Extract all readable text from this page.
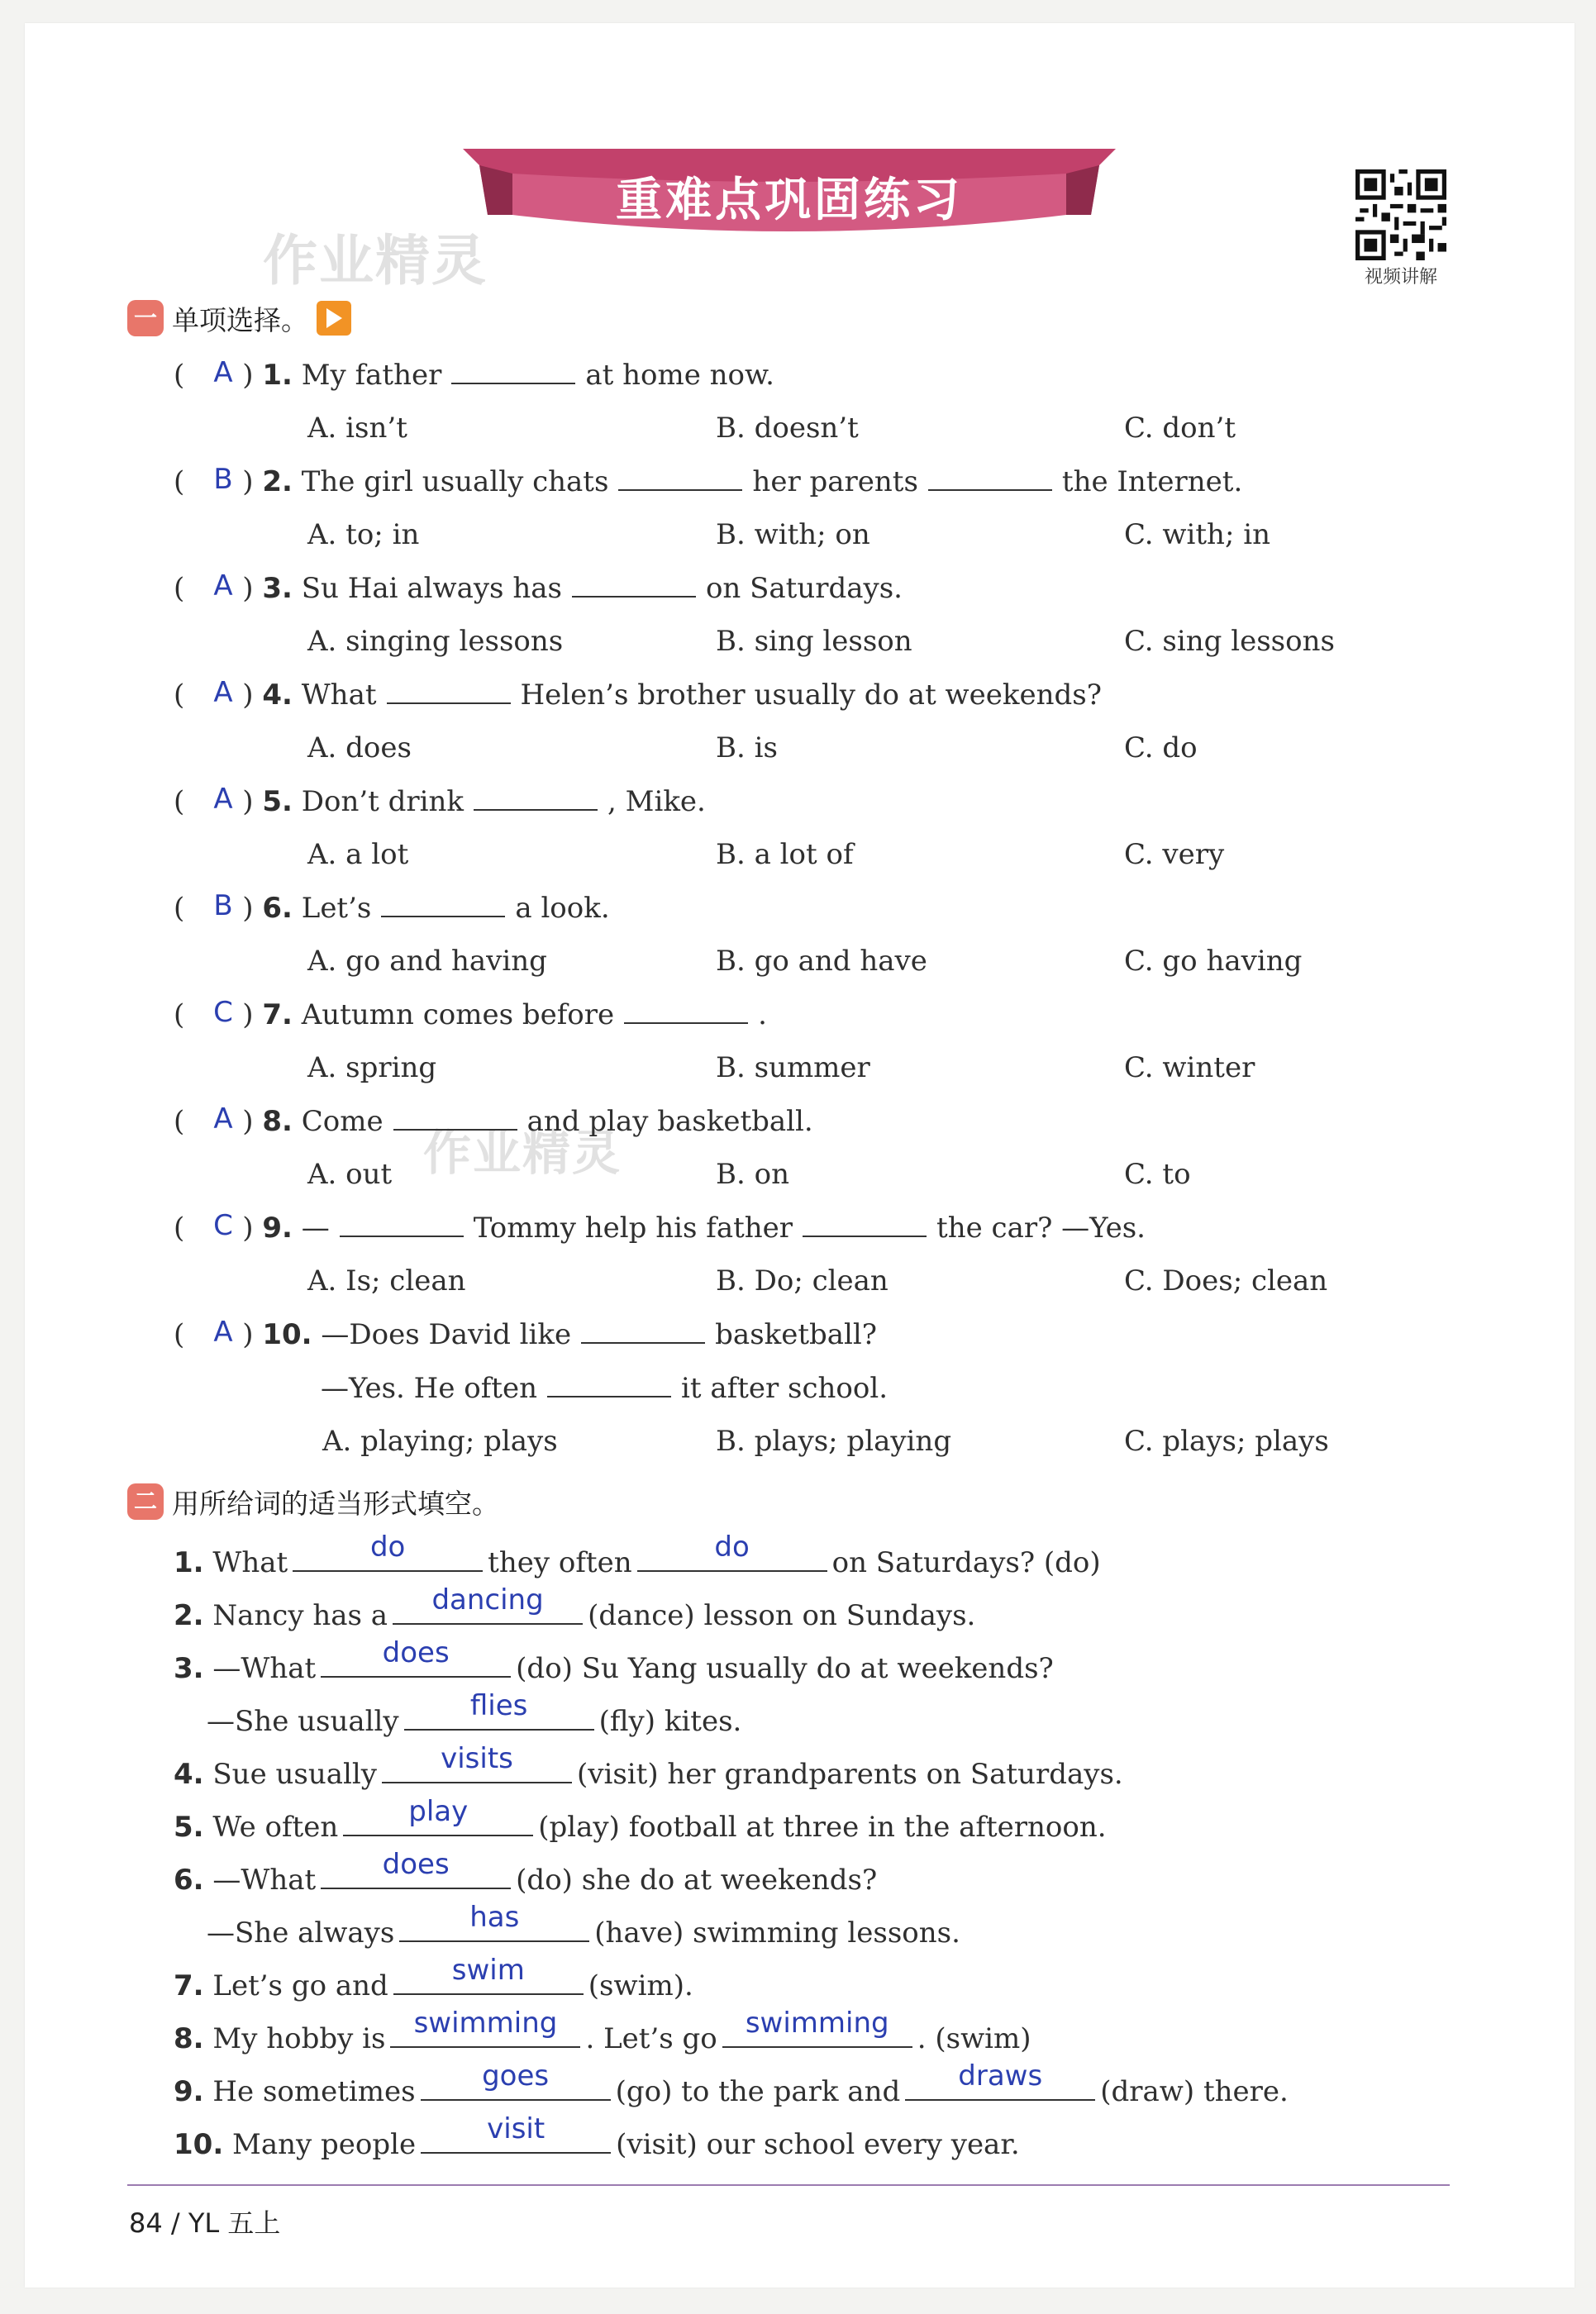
重难点巩固练习
视频讲解
作业精灵
作业精灵
一 单项选择。
( ) 1. My father	at home now.
A
A. isn’t	B. doesn’t	C. don’t
( ) 2. The girl usually chats	her parents	the Internet.
B
A. to; in	B. with; on	C. with; in
( ) 3. Su Hai always has	on Saturdays.
A
A. singing lessons	B. sing lesson	C. sing lessons
( ) 4. What	Helen’s brother usually do at weekends?
A
A. does	B. is	C. do
( ) 5. Don’t drink	, Mike.
A
A. a lot	B. a lot of	C. very
( ) 6. Let’s	a look.
B
A. go and having	B. go and have	C. go having
( ) 7. Autumn comes before	.
C
A. spring	B. summer	C. winter
( ) 8. Come	and play basketball.
A
A. out	B. on	C. to
( ) 9. —	Tommy help his father	the car? —Yes.
C
A. Is; clean	B. Do; clean	C. Does; clean
( ) 10. —Does David like	basketball?
A
—Yes. He often	it after school.
A. playing; plays	B. plays; playing	C. plays; plays
二 用所给词的适当形式填空。
1. What	do	they often	do	on Saturdays? (do)
2. Nancy has a	dancing	(dance) lesson on Sundays.
3. —What	does	(do) Su Yang usually do at weekends?
—She usually	flies	(fly) kites.
4. Sue usually	visits	(visit) her grandparents on Saturdays.
5. We often	play	(play) football at three in the afternoon.
6. —What	does	(do) she do at weekends?
—She always	has	(have) swimming lessons.
7. Let’s go and	swim	(swim).
8. My hobby is	swimming	. Let’s go	swimming	. (swim)
9. He sometimes	goes	(go) to the park and	draws	(draw) there.
10. Many people	visit	(visit) our school every year.
84 / YL 五上
